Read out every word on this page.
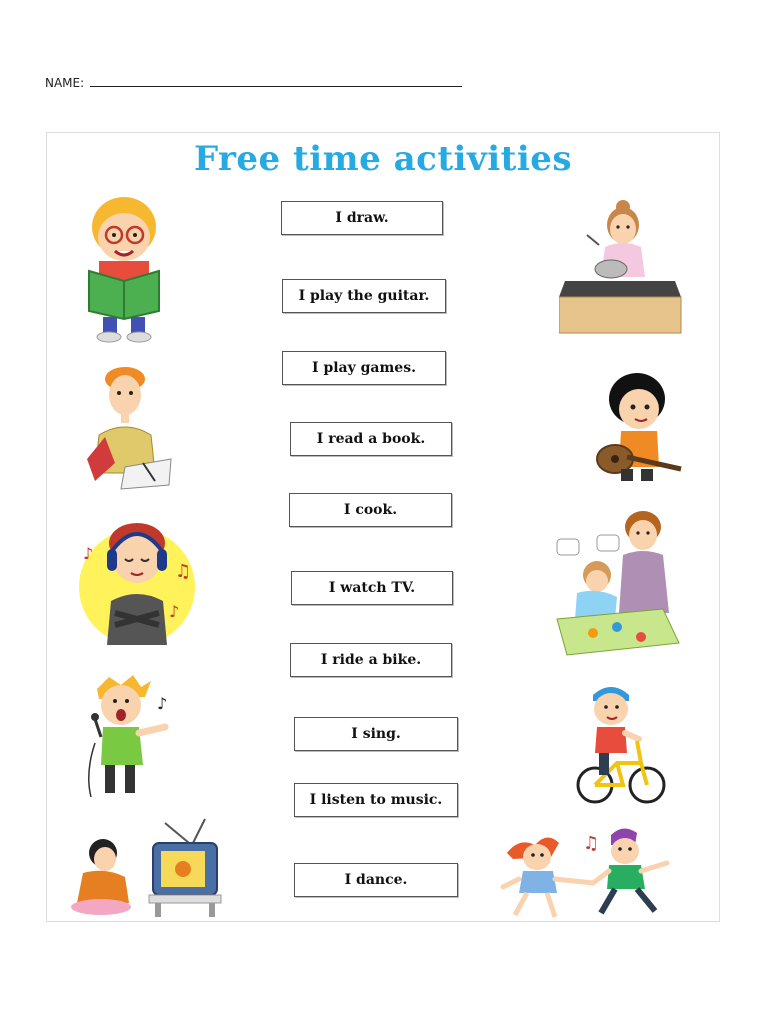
NAME:
Free time activities
I draw.
I play the guitar.
I play games.
I read a book.
I cook.
I watch TV.
I ride a bike.
I sing.
I listen to music.
I dance.
♪
♫
♪
♪
♫
